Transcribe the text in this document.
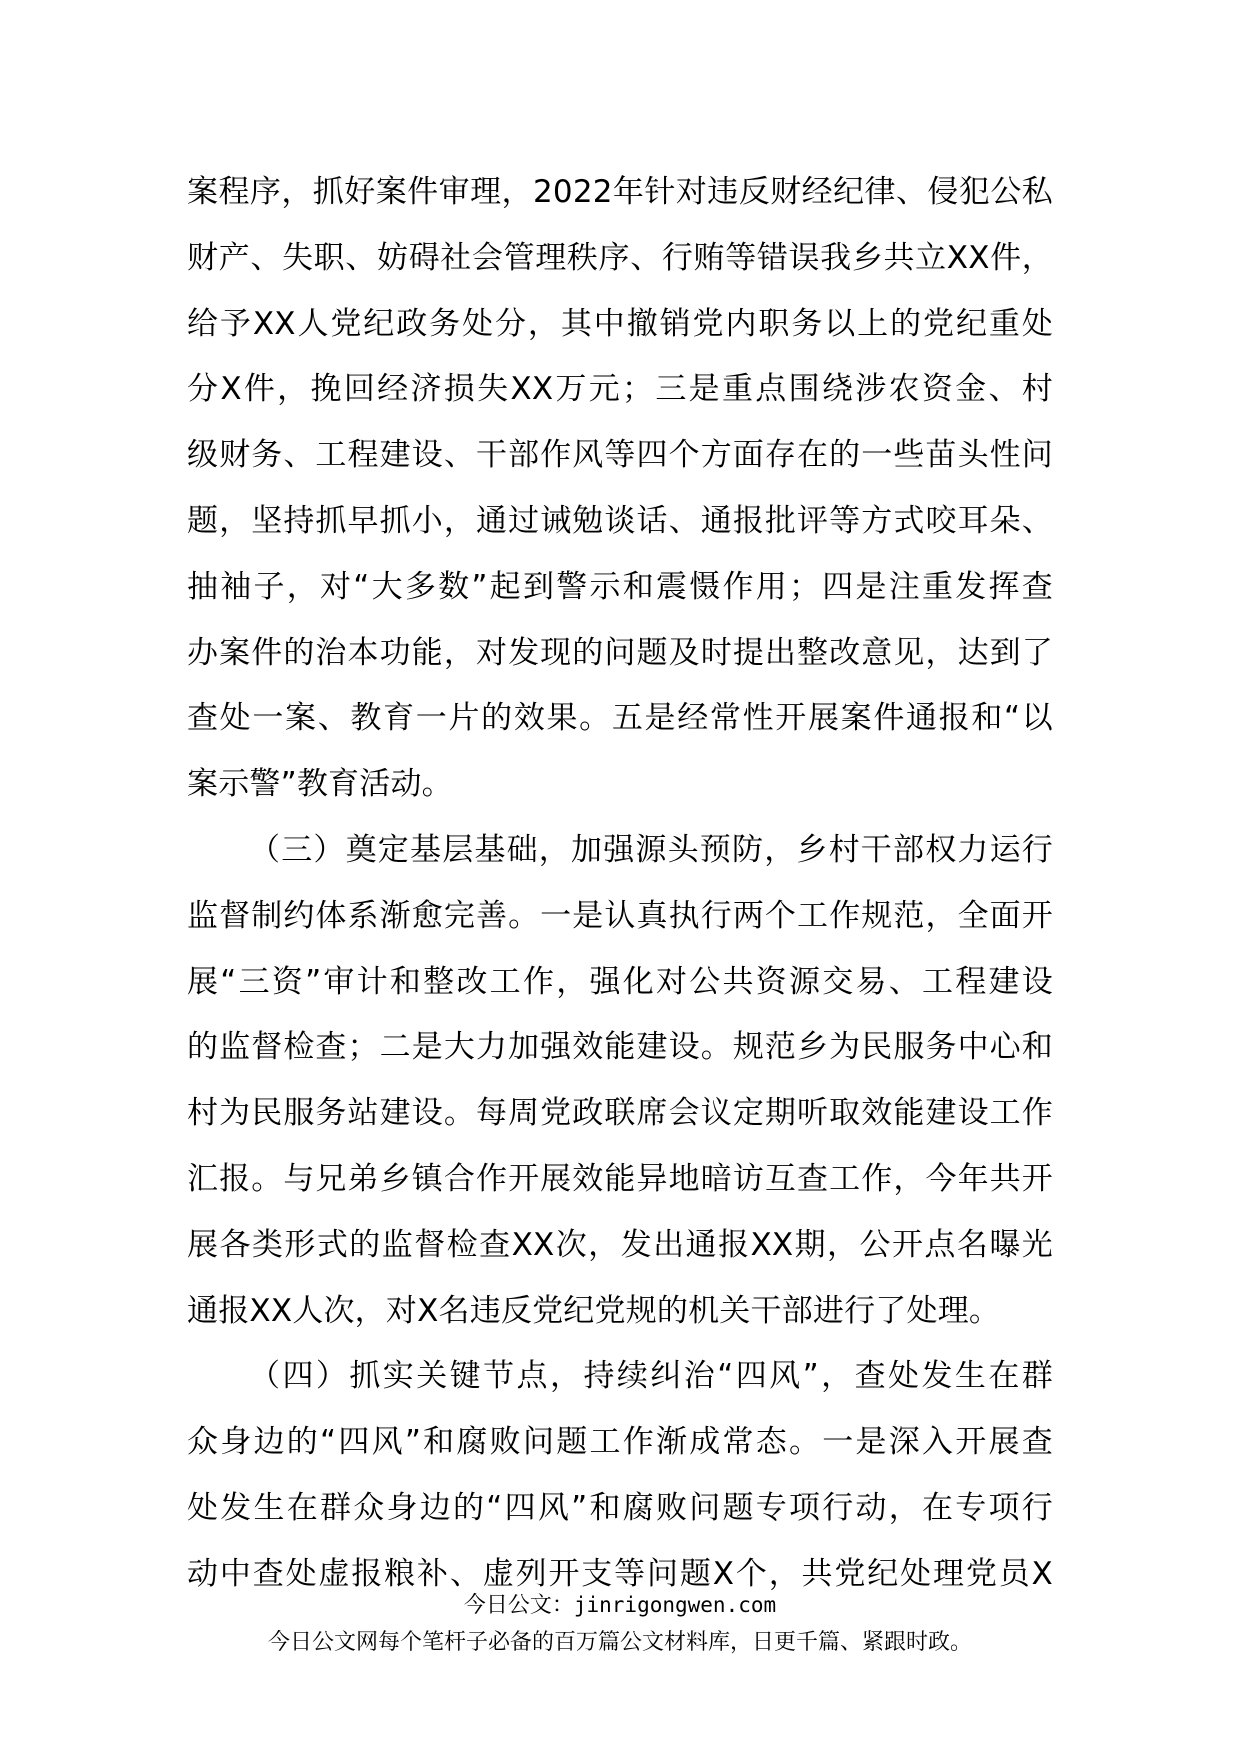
案程序，抓好案件审理，2022年针对违反财经纪律、侵犯公私
财产、失职、妨碍社会管理秩序、行贿等错误我乡共立XX件，
给予XX人党纪政务处分，其中撤销党内职务以上的党纪重处
分X件，挽回经济损失XX万元；三是重点围绕涉农资金、村
级财务、工程建设、干部作风等四个方面存在的一些苗头性问
题，坚持抓早抓小，通过诫勉谈话、通报批评等方式咬耳朵、
抽袖子，对“大多数”起到警示和震慑作用；四是注重发挥查
办案件的治本功能，对发现的问题及时提出整改意见，达到了
查处一案、教育一片的效果。五是经常性开展案件通报和“以
案示警”教育活动。
（三）奠定基层基础，加强源头预防，乡村干部权力运行
监督制约体系渐愈完善。一是认真执行两个工作规范，全面开
展“三资”审计和整改工作，强化对公共资源交易、工程建设
的监督检查；二是大力加强效能建设。规范乡为民服务中心和
村为民服务站建设。每周党政联席会议定期听取效能建设工作
汇报。与兄弟乡镇合作开展效能异地暗访互查工作，今年共开
展各类形式的监督检查XX次，发出通报XX期，公开点名曝光
通报XX人次，对X名违反党纪党规的机关干部进行了处理。
（四）抓实关键节点，持续纠治“四风”，查处发生在群
众身边的“四风”和腐败问题工作渐成常态。一是深入开展查
处发生在群众身边的“四风”和腐败问题专项行动，在专项行
动中查处虚报粮补、虚列开支等问题X个，共党纪处理党员X
今日公文：jinrigongwen.com
今日公文网每个笔杆子必备的百万篇公文材料库，日更千篇、紧跟时政。
